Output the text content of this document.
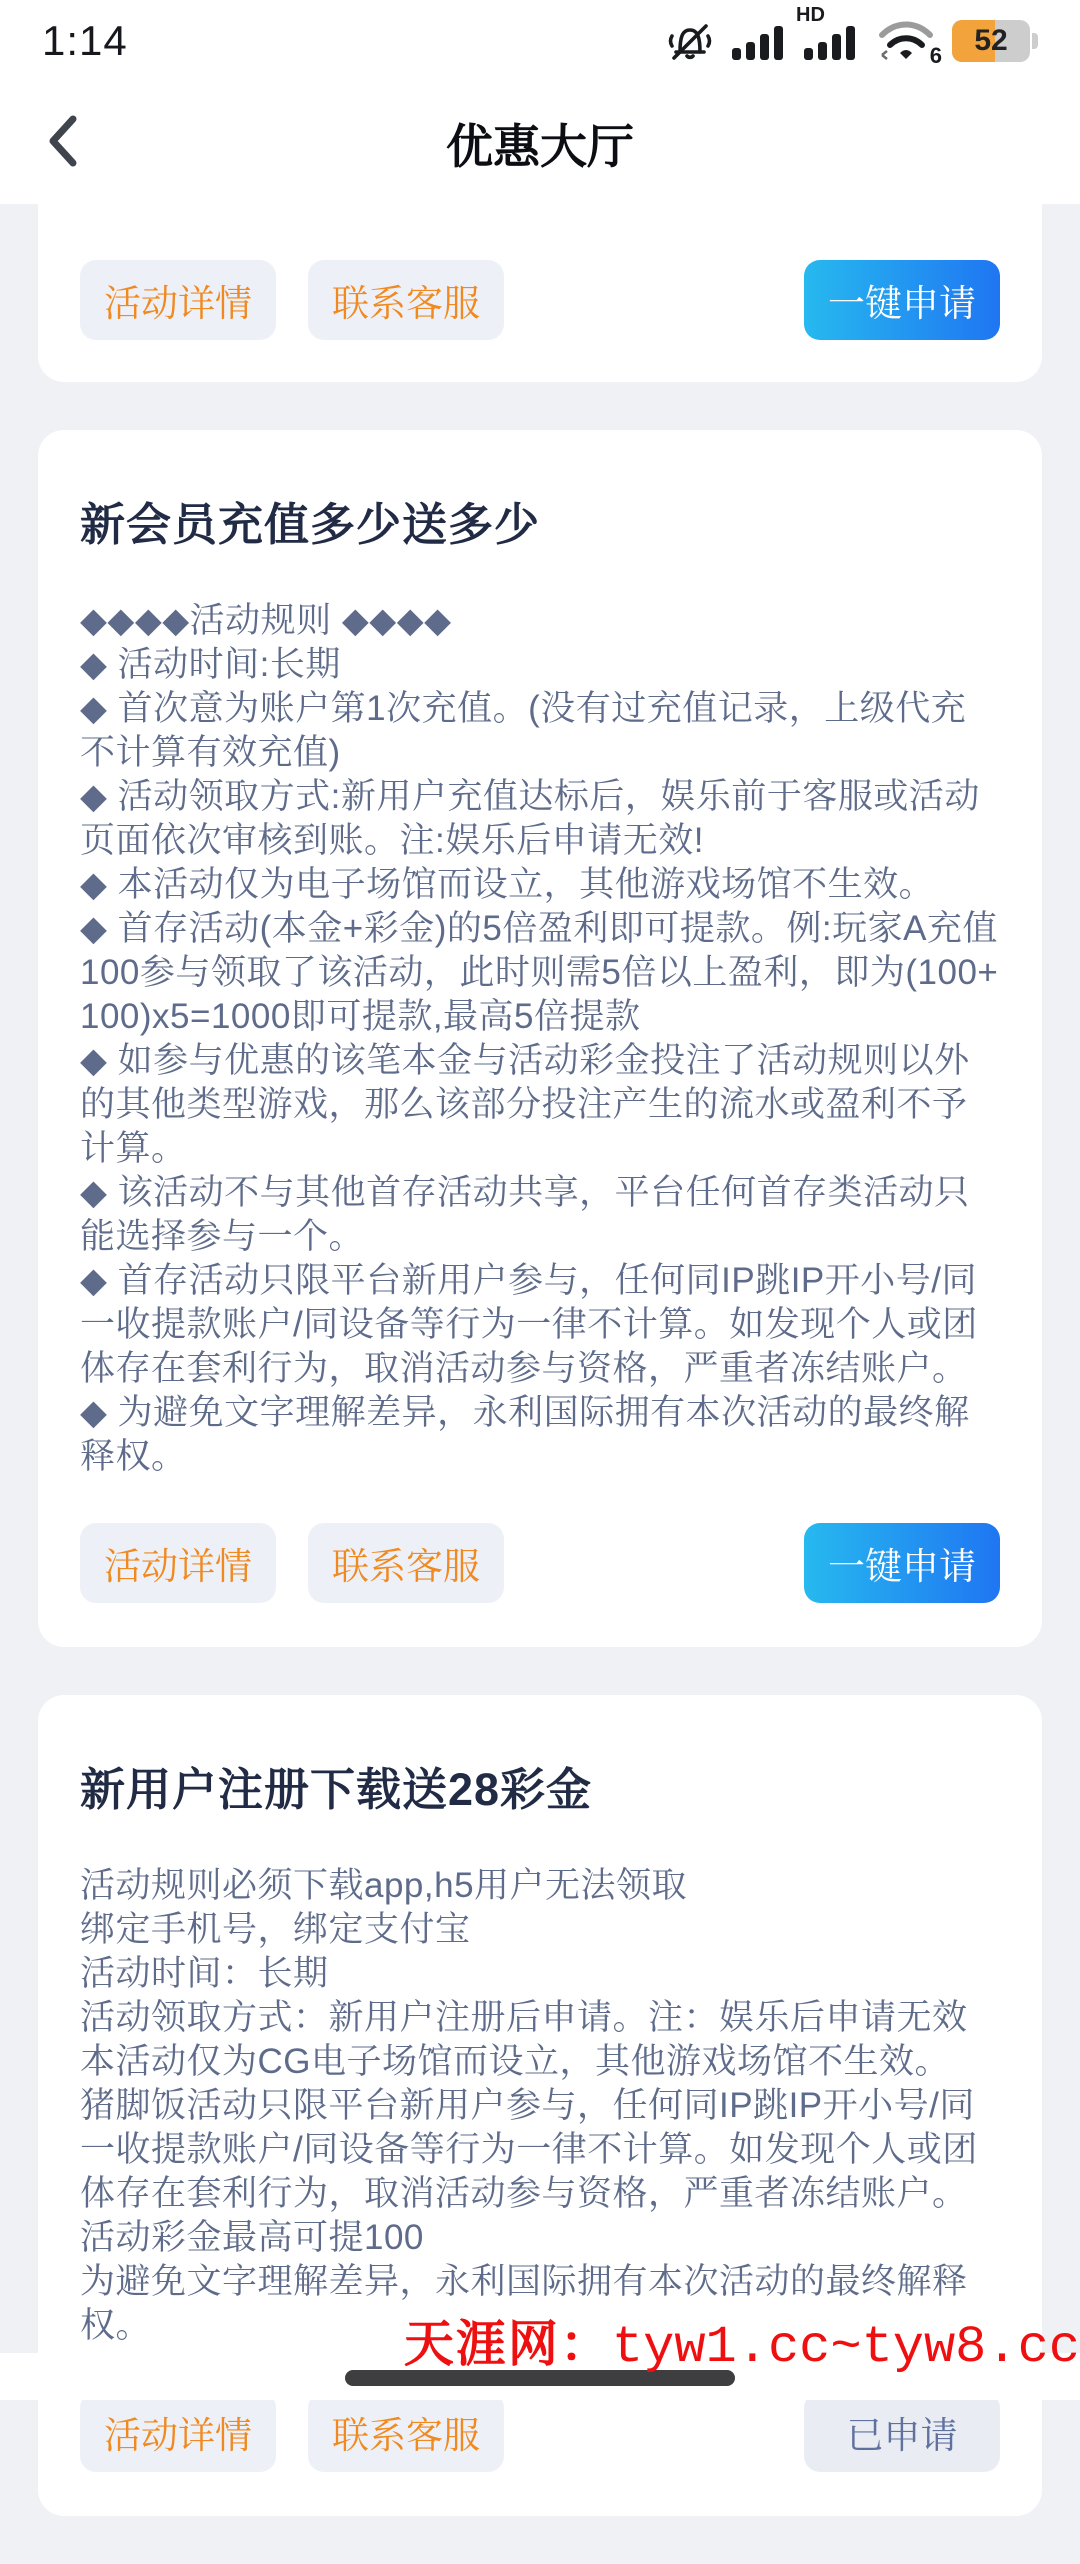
1:14
HD
6	52
优惠大厅
活动详情	联系客服	一键申请
新会员充值多少送多少

◆◆◆◆活动规则 ◆◆◆◆

◆ 活动时间:长期

◆ 首次意为账户第1次充值。(没有过充值记录，上级代充不计算有效充值)

◆ 活动领取方式:新用户充值达标后，娱乐前于客服或活动页面依次审核到账。注:娱乐后申请无效!

◆ 本活动仅为电子场馆而设立，其他游戏场馆不生效。

◆ 首存活动(本金+彩金)的5倍盈利即可提款。例:玩家A充值100参与领取了该活动，此时则需5倍以上盈利，即为(100+100)x5=1000即可提款,最高5倍提款

◆ 如参与优惠的该笔本金与活动彩金投注了活动规则以外的其他类型游戏，那么该部分投注产生的流水或盈利不予计算。

◆ 该活动不与其他首存活动共享，平台任何首存类活动只能选择参与一个。

◆ 首存活动只限平台新用户参与，任何同IP跳IP开小号/同一收提款账户/同设备等行为一律不计算。如发现个人或团体存在套利行为，取消活动参与资格，严重者冻结账户。

◆ 为避免文字理解差异，永利国际拥有本次活动的最终解释权。

活动详情	联系客服	一键申请
新用户注册下载送28彩金

活动规则必须下载app,h5用户无法领取

绑定手机号，绑定支付宝

活动时间：长期

活动领取方式：新用户注册后申请。注：娱乐后申请无效

本活动仅为CG电子场馆而设立，其他游戏场馆不生效。

猪脚饭活动只限平台新用户参与，任何同IP跳IP开小号/同一收提款账户/同设备等行为一律不计算。如发现个人或团体存在套利行为，取消活动参与资格，严重者冻结账户。

活动彩金最高可提100

为避免文字理解差异，永利国际拥有本次活动的最终解释权。

活动详情	联系客服	已申请
天涯网： tyw1.cc~tyw8.cc
